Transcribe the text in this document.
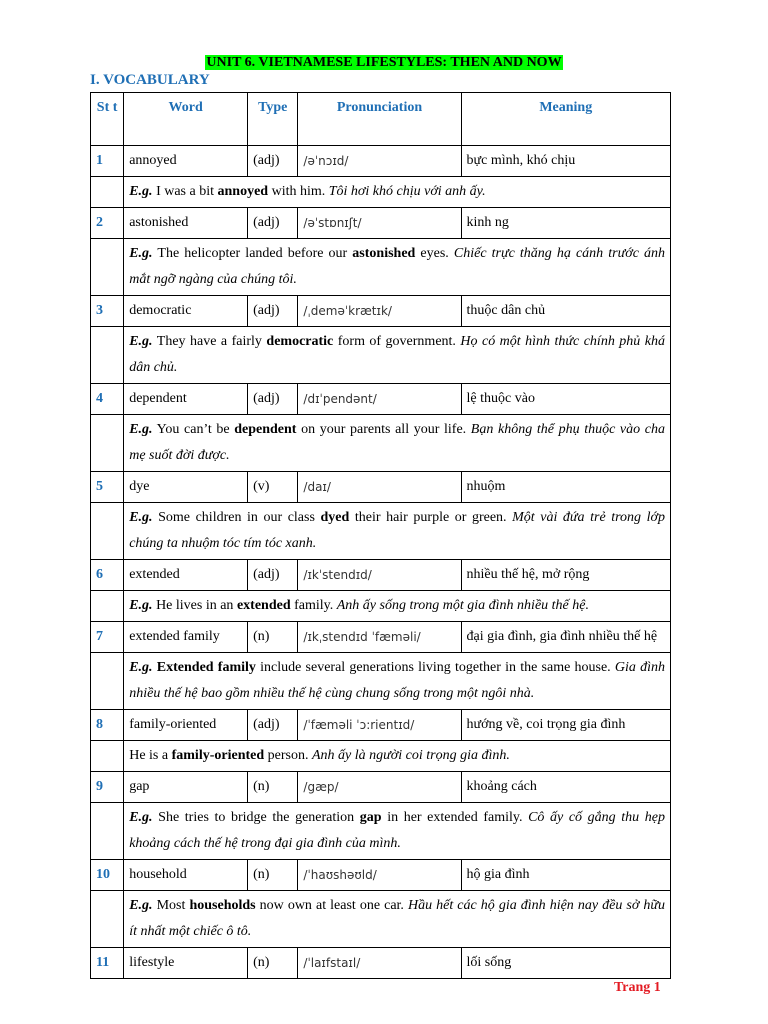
UNIT 6. VIETNAMESE LIFESTYLES: THEN AND NOW
I. VOCABULARY
St t	Word	Type	Pronunciation	Meaning
1	annoyed	(adj)	/əˈnɔɪd/	bực mình, khó chịu
	E.g. I was a bit annoyed with him. Tôi hơi khó chịu với anh ấy.			
2	astonished	(adj)	/əˈstɒnɪʃt/	kinh ng
	E.g. The helicopter landed before our astonished eyes. Chiếc trực thăng hạ cánh trước ánh mắt ngỡ ngàng của chúng tôi.			
3	democratic	(adj)	/ˌdeməˈkrætɪk/	thuộc dân chủ
	E.g. They have a fairly democratic form of government. Họ có một hình thức chính phủ khá dân chủ.			
4	dependent	(adj)	/dɪˈpendənt/	lệ thuộc vào
	E.g. You can’t be dependent on your parents all your life. Bạn không thể phụ thuộc vào cha mẹ suốt đời được.			
5	dye	(v)	/daɪ/	nhuộm
	E.g. Some children in our class dyed their hair purple or green. Một vài đứa trẻ trong lớp chúng ta nhuộm tóc tím tóc xanh.			
6	extended	(adj)	/ɪkˈstendɪd/	nhiều thế hệ, mở rộng
	E.g. He lives in an extended family. Anh ấy sống trong một gia đình nhiều thế hệ.			
7	extended family	(n)	/ɪkˌstendɪd ˈfæməli/	đại gia đình, gia đình nhiều thế hệ
	E.g. Extended family include several generations living together in the same house. Gia đình nhiều thế hệ bao gồm nhiều thế hệ cùng chung sống trong một ngôi nhà.			
8	family-oriented	(adj)	/ˈfæməli ˈɔ:rientɪd/	hướng về, coi trọng gia đình
	He is a family-oriented person. Anh ấy là người coi trọng gia đình.			
9	gap	(n)	/gæp/	khoảng cách
	E.g. She tries to bridge the generation gap in her extended family. Cô ấy cố gắng thu hẹp khoảng cách thế hệ trong đại gia đình của mình.			
10	household	(n)	/ˈhaʊshəʊld/	hộ gia đình
	E.g. Most households now own at least one car. Hầu hết các hộ gia đình hiện nay đều sở hữu ít nhất một chiếc ô tô.			
11	lifestyle	(n)	/ˈlaɪfstaɪl/	lối sống
Trang 1
